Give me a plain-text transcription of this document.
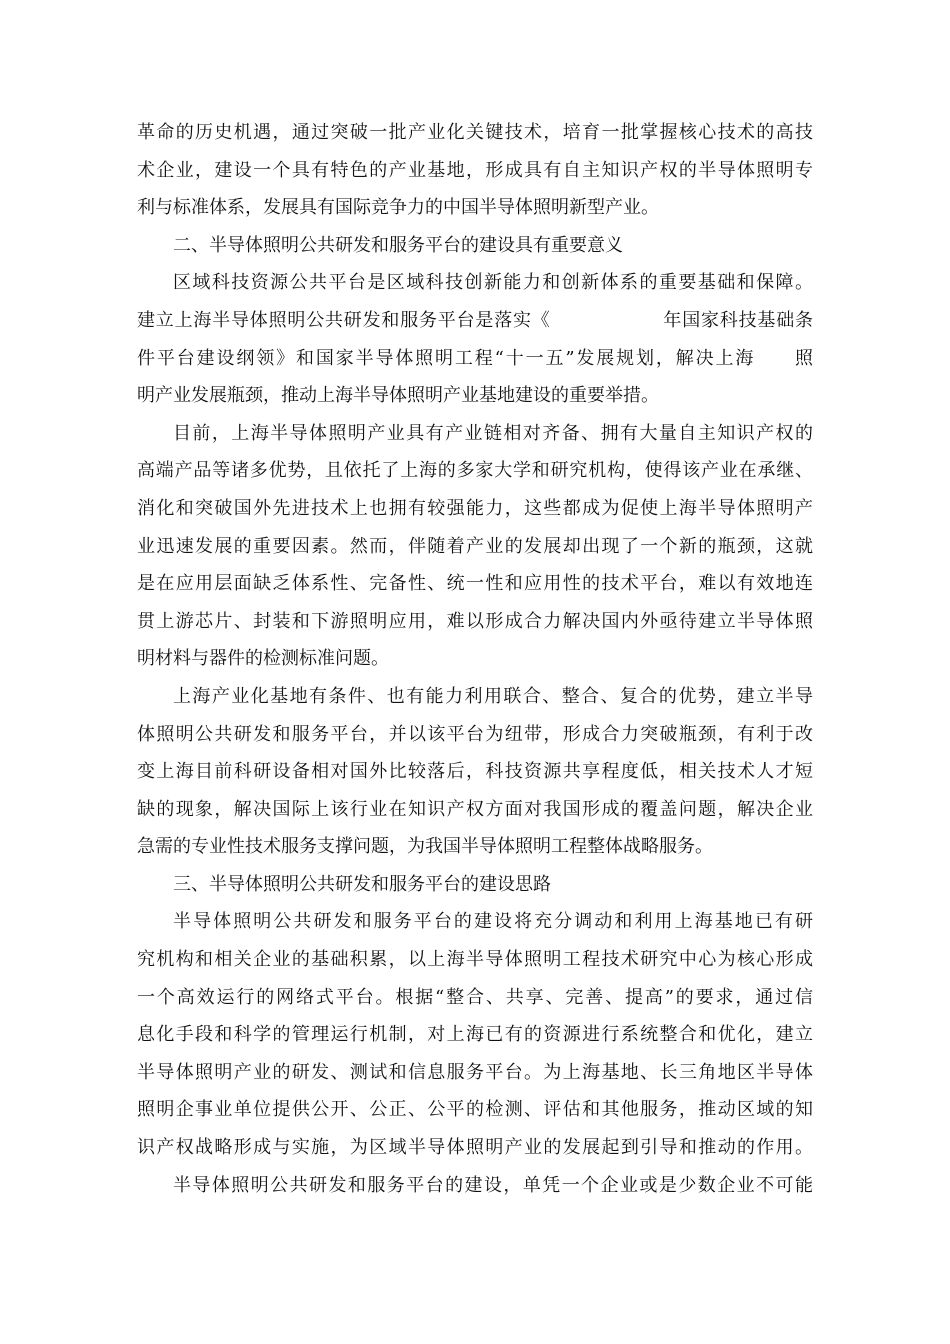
革命的历史机遇，通过突破一批产业化关键技术，培育一批掌握核心技术的高技
术企业，建设一个具有特色的产业基地，形成具有自主知识产权的半导体照明专
利与标准体系，发展具有国际竞争力的中国半导体照明新型产业。
二、半导体照明公共研发和服务平台的建设具有重要意义
区域科技资源公共平台是区域科技创新能力和创新体系的重要基础和保障。
建立上海半导体照明公共研发和服务平台是落实《　　　　　　年国家科技基础条
件平台建设纲领》和国家半导体照明工程“十一五”发展规划，解决上海　　照
明产业发展瓶颈，推动上海半导体照明产业基地建设的重要举措。
目前，上海半导体照明产业具有产业链相对齐备、拥有大量自主知识产权的
高端产品等诸多优势，且依托了上海的多家大学和研究机构，使得该产业在承继、
消化和突破国外先进技术上也拥有较强能力，这些都成为促使上海半导体照明产
业迅速发展的重要因素。然而，伴随着产业的发展却出现了一个新的瓶颈，这就
是在应用层面缺乏体系性、完备性、统一性和应用性的技术平台，难以有效地连
贯上游芯片、封装和下游照明应用，难以形成合力解决国内外亟待建立半导体照
明材料与器件的检测标准问题。
上海产业化基地有条件、也有能力利用联合、整合、复合的优势，建立半导
体照明公共研发和服务平台，并以该平台为纽带，形成合力突破瓶颈，有利于改
变上海目前科研设备相对国外比较落后，科技资源共享程度低，相关技术人才短
缺的现象，解决国际上该行业在知识产权方面对我国形成的覆盖问题，解决企业
急需的专业性技术服务支撑问题，为我国半导体照明工程整体战略服务。
三、半导体照明公共研发和服务平台的建设思路
半导体照明公共研发和服务平台的建设将充分调动和利用上海基地已有研
究机构和相关企业的基础积累，以上海半导体照明工程技术研究中心为核心形成
一个高效运行的网络式平台。根据“整合、共享、完善、提高”的要求，通过信
息化手段和科学的管理运行机制，对上海已有的资源进行系统整合和优化，建立
半导体照明产业的研发、测试和信息服务平台。为上海基地、长三角地区半导体
照明企事业单位提供公开、公正、公平的检测、评估和其他服务，推动区域的知
识产权战略形成与实施，为区域半导体照明产业的发展起到引导和推动的作用。
半导体照明公共研发和服务平台的建设，单凭一个企业或是少数企业不可能
